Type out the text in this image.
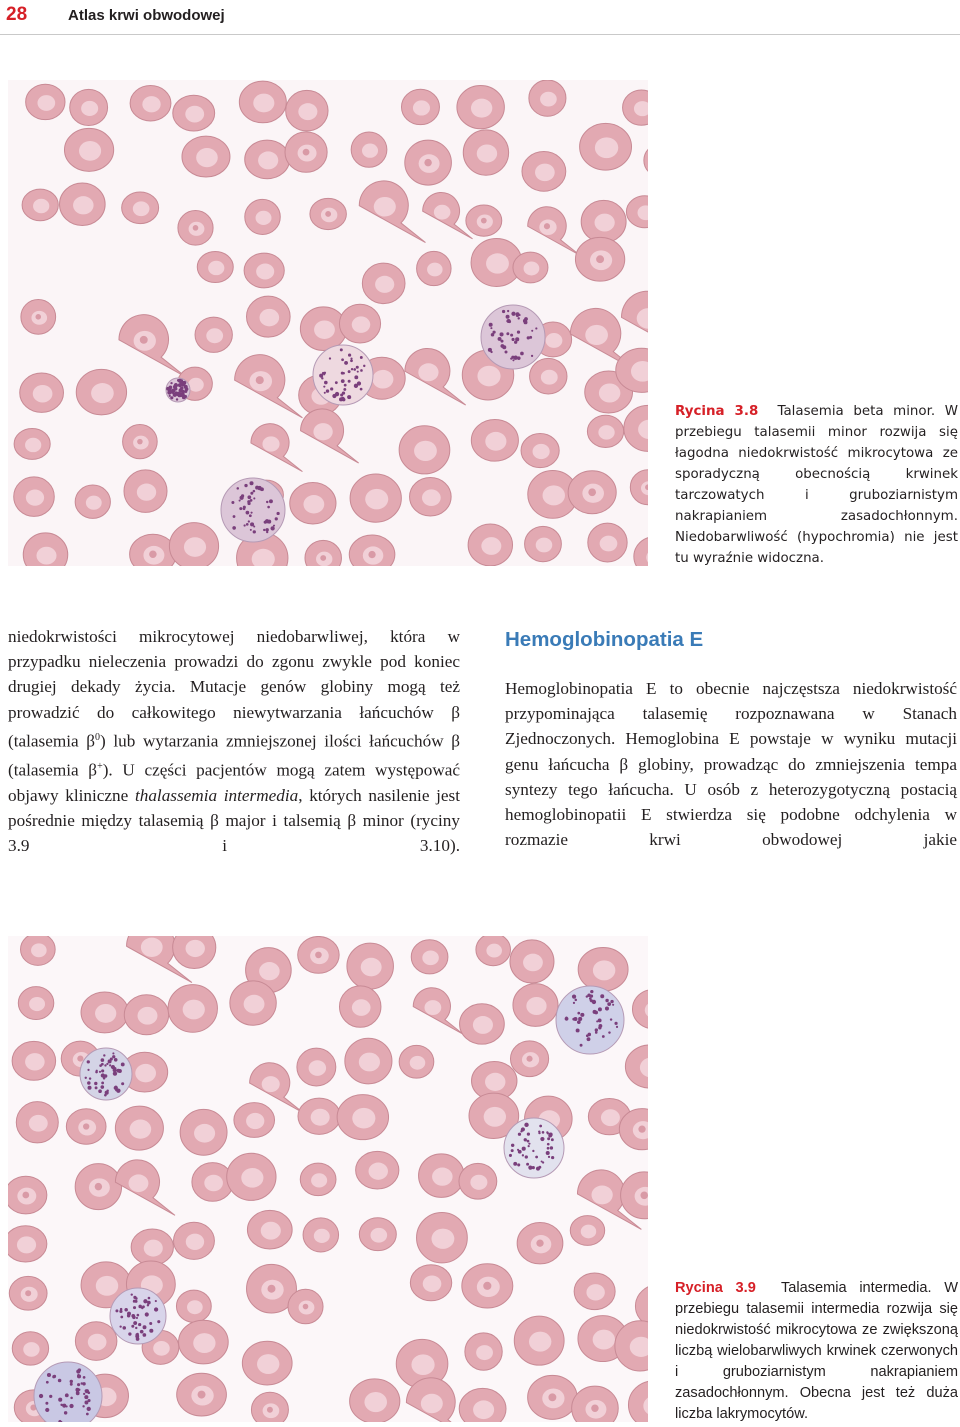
28	Atlas krwi obwodowej
Rycina 3.8 Talasemia beta minor. W przebiegu talasemii minor rozwija się łagodna niedokrwistość mikrocytowa ze sporadyczną obecnością krwinek tarczowatych i gruboziarnistym nakrapianiem zasadochłonnym. Niedobarwliwość (hypochromia) nie jest tu wyraźnie widoczna.
niedokrwistości mikrocytowej niedobarwliwej, która w przypadku nieleczenia prowadzi do zgonu zwykle pod koniec drugiej dekady życia. Mutacje genów globiny mogą też prowadzić do całkowitego niewytwarzania łańcuchów β (talasemia $\beta^0$) lub wytarzania zmniejszonej ilości łańcuchów β (talasemia β+). U części pacjentów mogą zatem występować objawy kliniczne thalassemia intermedia, których nasilenie jest pośrednie między talasemią β major i talsemią β minor (ryciny 3.9 i 3.10).
Hemoglobinopatia E
Hemoglobinopatia E to obecnie najczęstsza niedokrwistość przypominająca talasemię rozpoznawana w Stanach Zjednoczonych. Hemoglobina E powstaje w wyniku mutacji genu łańcucha β globiny, prowadząc do zmniejszenia tempa syntezy tego łańcucha. U osób z heterozygotyczną postacią hemoglobinopatii E stwierdza się podobne odchylenia w rozmazie krwi obwodowej jakie
Rycina 3.9 Talasemia intermedia. W przebiegu talasemii intermedia rozwija się niedokrwistość mikrocytowa ze zwiększoną liczbą wielobarwliwych krwinek czerwonych i gruboziarnistym nakrapianiem zasadochłonnym. Obecna jest też duża liczba lakrymocytów.
